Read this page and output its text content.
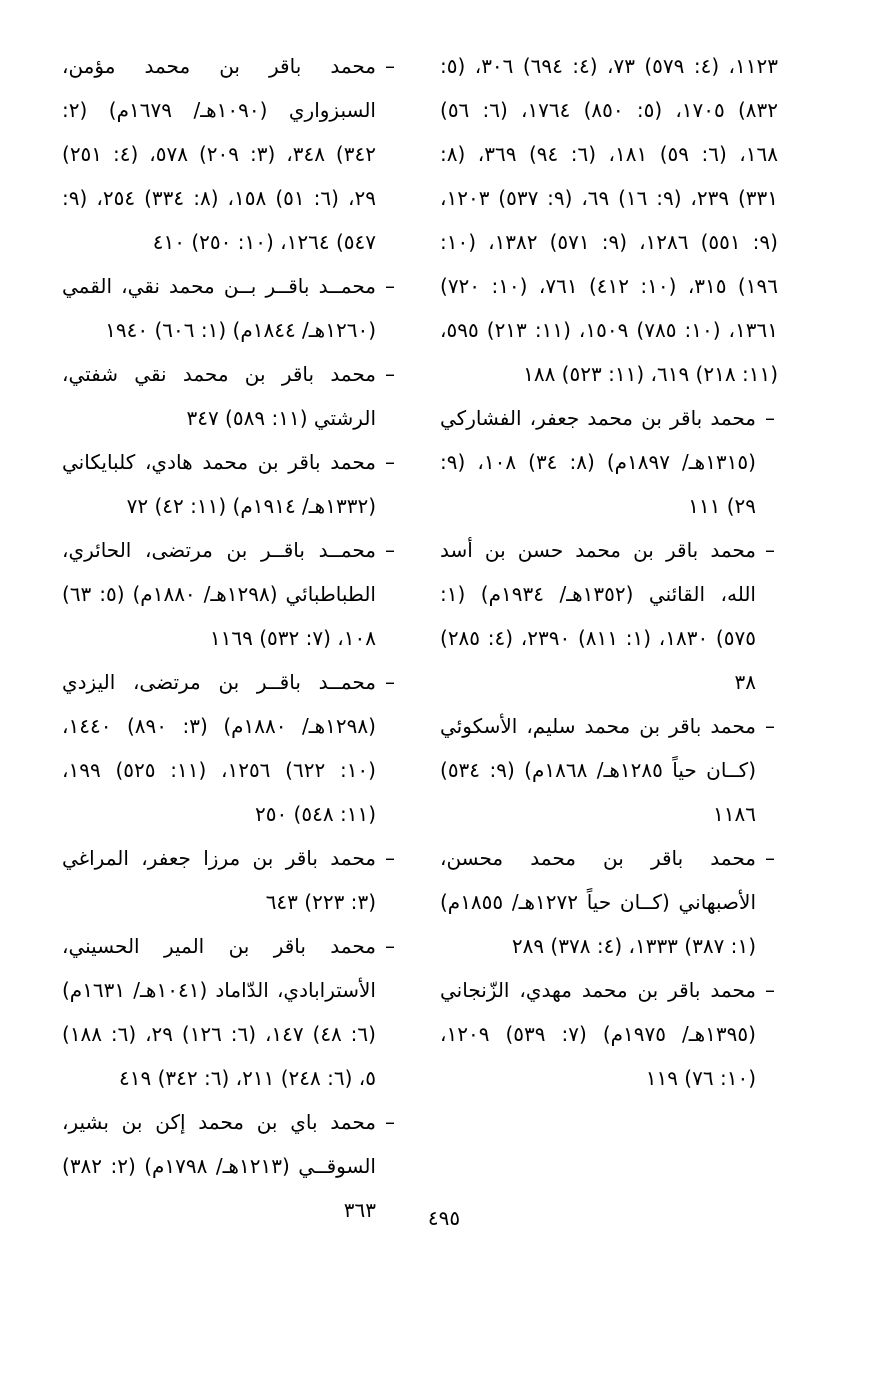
١١٢٣، (٤: ٥٧٩) ٧٣، (٤: ٦٩٤) ٣٠٦، (٥: ٨٣٢) ١٧٠٥، (٥: ٨٥٠) ١٧٦٤، (٦: ٥٦) ١٦٨، (٦: ٥٩) ١٨١، (٦: ٩٤) ٣٦٩، (٨: ٣٣١) ٢٣٩، (٩: ١٦) ٦٩، (٩: ٥٣٧) ١٢٠٣، (٩: ٥٥١) ١٢٨٦، (٩: ٥٧١) ١٣٨٢، (١٠: ١٩٦) ٣١٥، (١٠: ٤١٢) ٧٦١، (١٠: ٧٢٠) ١٣٦١، (١٠: ٧٨٥) ١٥٠٩، (١١: ٢١٣) ٥٩٥، (١١: ٢١٨) ٦١٩، (١١: ٥٢٣) ١٨٨

–
محمد باقر بن محمد جعفر، الفشاركي (١٣١٥هـ/ ١٨٩٧م) (٨: ٣٤) ١٠٨، (٩: ٢٩) ١١١

–
محمد باقر بن محمد حسن بن أسد الله، القائني (١٣٥٢هـ/ ١٩٣٤م) (١: ٥٧٥) ١٨٣٠، (١: ٨١١) ٢٣٩٠، (٤: ٢٨٥) ٣٨

–
محمد باقر بن محمد سليم، الأسكوئي (كــان حياً ١٢٨٥هـ/ ١٨٦٨م) (٩: ٥٣٤) ١١٨٦

–
محمد باقر بن محمد محسن، الأصبهاني (كــان حياً ١٢٧٢هـ/ ١٨٥٥م) (١: ٣٨٧) ١٣٣٣، (٤: ٣٧٨) ٢٨٩

–
محمد باقر بن محمد مهدي، الزّنجاني (١٣٩٥هـ/ ١٩٧٥م) (٧: ٥٣٩) ١٢٠٩، (١٠: ٧٦) ١١٩

–
محمد باقر بن محمد مؤمن، السبزواري (١٠٩٠هـ/ ١٦٧٩م) (٢: ٣٤٢) ٣٤٨، (٣: ٢٠٩) ٥٧٨، (٤: ٢٥١) ٢٩، (٦: ٥١) ١٥٨، (٨: ٣٣٤) ٢٥٤، (٩: ٥٤٧) ١٢٦٤، (١٠: ٢٥٠) ٤١٠

–
محمــد باقــر بــن محمد نقي، القمي (١٢٦٠هـ/ ١٨٤٤م) (١: ٦٠٦) ١٩٤٠

–
محمد باقر بن محمد نقي شفتي، الرشتي (١١: ٥٨٩) ٣٤٧

–
محمد باقر بن محمد هادي، كلبايكاني (١٣٣٢هـ/ ١٩١٤م) (١١: ٤٢) ٧٢

–
محمــد باقــر بن مرتضى، الحائري، الطباطبائي (١٢٩٨هـ/ ١٨٨٠م) (٥: ٦٣) ١٠٨، (٧: ٥٣٢) ١١٦٩

–
محمــد باقــر بن مرتضى، اليزدي (١٢٩٨هـ/ ١٨٨٠م) (٣: ٨٩٠) ١٤٤٠، (١٠: ٦٢٢) ١٢٥٦، (١١: ٥٢٥) ١٩٩، (١١: ٥٤٨) ٢٥٠

–
محمد باقر بن مرزا جعفر، المراغي (٣: ٢٢٣) ٦٤٣

–
محمد باقر بن المير الحسيني، الأسترابادي، الدّاماد (١٠٤١هـ/ ١٦٣١م) (٦: ٤٨) ١٤٧، (٦: ١٢٦) ٢٩، (٦: ١٨٨) ٥، (٦: ٢٤٨) ٢١١، (٦: ٣٤٢) ٤١٩

–
محمد باي بن محمد إكن بن بشير، السوقــي (١٢١٣هـ/ ١٧٩٨م) (٢: ٣٨٢) ٣٦٣	٤٩٥
